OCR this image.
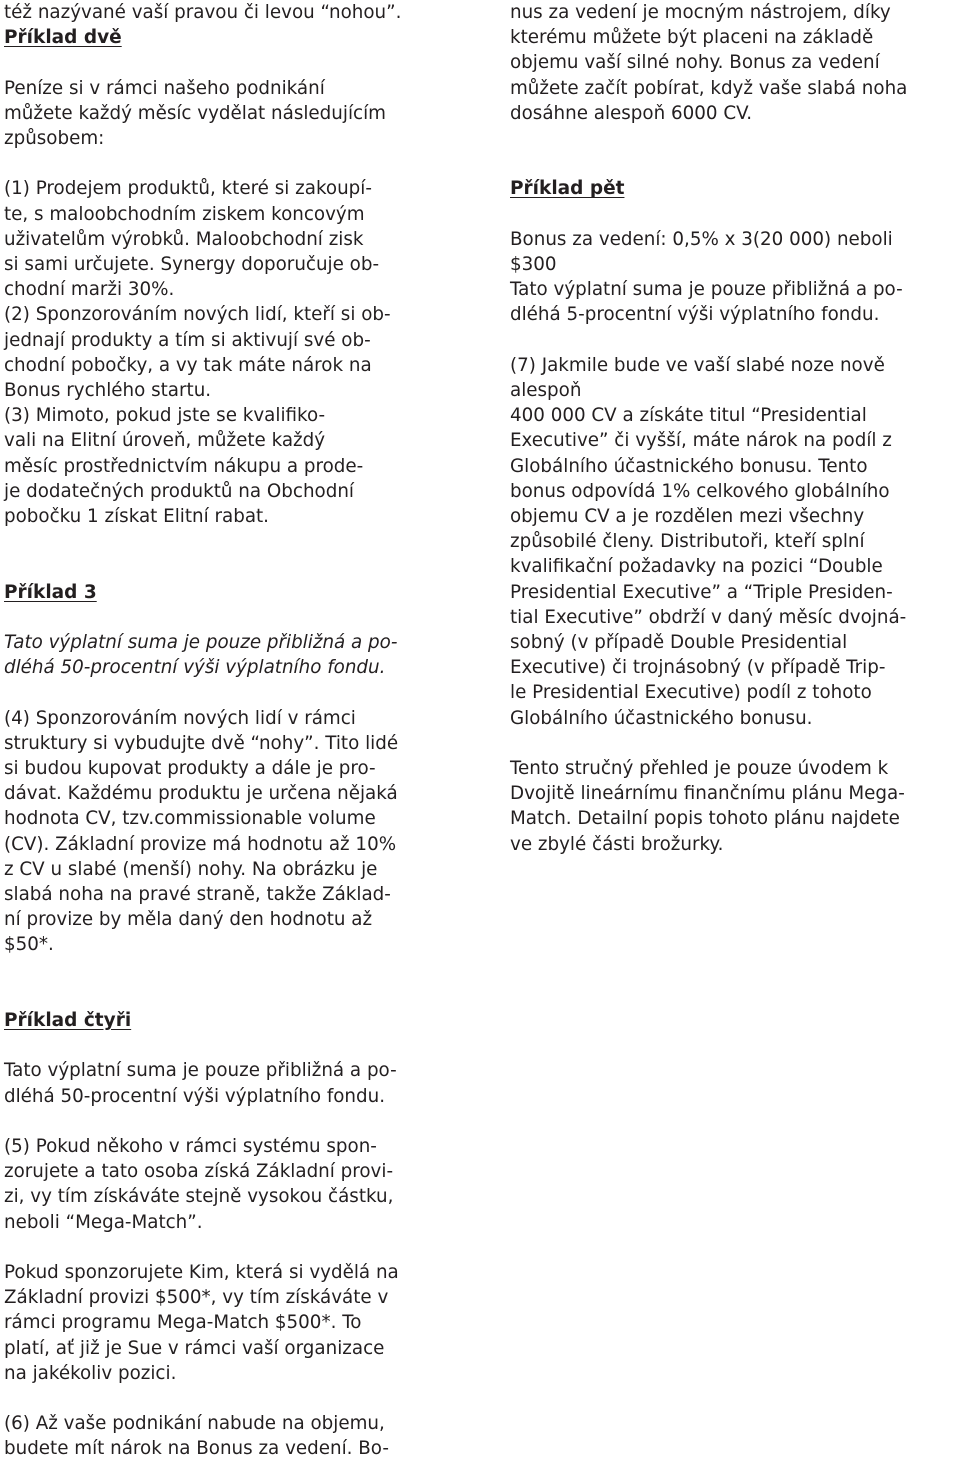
též nazývané vaší pravou či levou “nohou”.

Příklad dvě

Peníze si v rámci našeho podnikání
můžete každý měsíc vydělat následujícím
způsobem:

(1) Prodejem produktů, které si zakoupí-
te, s maloobchodním ziskem koncovým
uživatelům výrobků. Maloobchodní zisk
si sami určujete. Synergy doporučuje ob-
chodní marži 30%.

(2) Sponzorováním nových lidí, kteří si ob-
jednají produkty a tím si aktivují své ob-
chodní pobočky, a vy tak máte nárok na
Bonus rychlého startu.

(3) Mimoto, pokud jste se kvalifiko-
vali na Elitní úroveň, můžete každý
měsíc prostřednictvím nákupu a prode-
je dodatečných produktů na Obchodní
pobočku 1 získat Elitní rabat.

Příklad 3

Tato výplatní suma je pouze přibližná a po-
dléhá 50-procentní výši výplatního fondu.

(4) Sponzorováním nových lidí v rámci
struktury si vybudujte dvě “nohy”. Tito lidé
si budou kupovat produkty a dále je pro-
dávat. Každému produktu je určena nějaká
hodnota CV, tzv.commissionable volume
(CV). Základní provize má hodnotu až 10%
z CV u slabé (menší) nohy. Na obrázku je
slabá noha na pravé straně, takže Základ-
ní provize by měla daný den hodnotu až
$50*.

Příklad čtyři

Tato výplatní suma je pouze přibližná a po-
dléhá 50-procentní výši výplatního fondu.

(5) Pokud někoho v rámci systému spon-
zorujete a tato osoba získá Základní provi-
zi, vy tím získáváte stejně vysokou částku,
neboli “Mega-Match”.

Pokud sponzorujete Kim, která si vydělá na
Základní provizi $500*, vy tím získáváte v
rámci programu Mega-Match $500*. To
platí, ať již je Sue v rámci vaší organizace
na jakékoliv pozici.

(6) Až vaše podnikání nabude na objemu,
budete mít nárok na Bonus za vedení. Bo-

nus za vedení je mocným nástrojem, díky
kterému můžete být placeni na základě
objemu vaší silné nohy. Bonus za vedení
můžete začít pobírat, když vaše slabá noha
dosáhne alespoň 6000 CV.

Příklad pět

Bonus za vedení: 0,5% x 3(20 000) neboli
$300
Tato výplatní suma je pouze přibližná a po-
dléhá 5-procentní výši výplatního fondu.

(7) Jakmile bude ve vaší slabé noze nově
alespoň
400 000 CV a získáte titul “Presidential
Executive” či vyšší, máte nárok na podíl z
Globálního účastnického bonusu. Tento
bonus odpovídá 1% celkového globálního
objemu CV a je rozdělen mezi všechny
způsobilé členy. Distributoři, kteří splní
kvalifikační požadavky na pozici “Double
Presidential Executive” a “Triple Presiden-
tial Executive” obdrží v daný měsíc dvojná-
sobný (v případě Double Presidential
Executive) či trojnásobný (v případě Trip-
le Presidential Executive) podíl z tohoto
Globálního účastnického bonusu.

Tento stručný přehled je pouze úvodem k
Dvojitě lineárnímu finančnímu plánu Mega-
Match. Detailní popis tohoto plánu najdete
ve zbylé části brožurky.
